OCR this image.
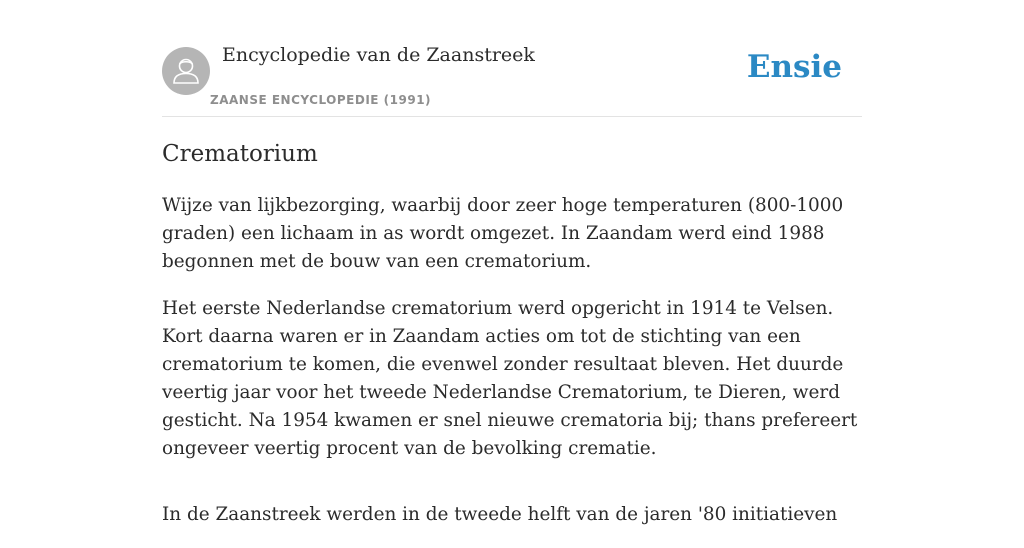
Encyclopedie van de Zaanstreek
ZAANSE ENCYCLOPEDIE (1991)
Ensie
Crematorium

Wijze van lijkbezorging, waarbij door zeer hoge temperaturen (800-1000 graden) een lichaam in as wordt omgezet. In Zaandam werd eind 1988 begonnen met de bouw van een crematorium.

Het eerste Nederlandse crematorium werd opgericht in 1914 te Velsen. Kort daarna waren er in Zaandam acties om tot de stichting van een crematorium te komen, die evenwel zonder resultaat bleven. Het duurde veertig jaar voor het tweede Nederlandse Crematorium, te Dieren, werd gesticht. Na 1954 kwamen er snel nieuwe crematoria bij; thans prefereert ongeveer veertig procent van de bevolking crematie.

In de Zaanstreek werden in de tweede helft van de jaren '80 initiatieven
